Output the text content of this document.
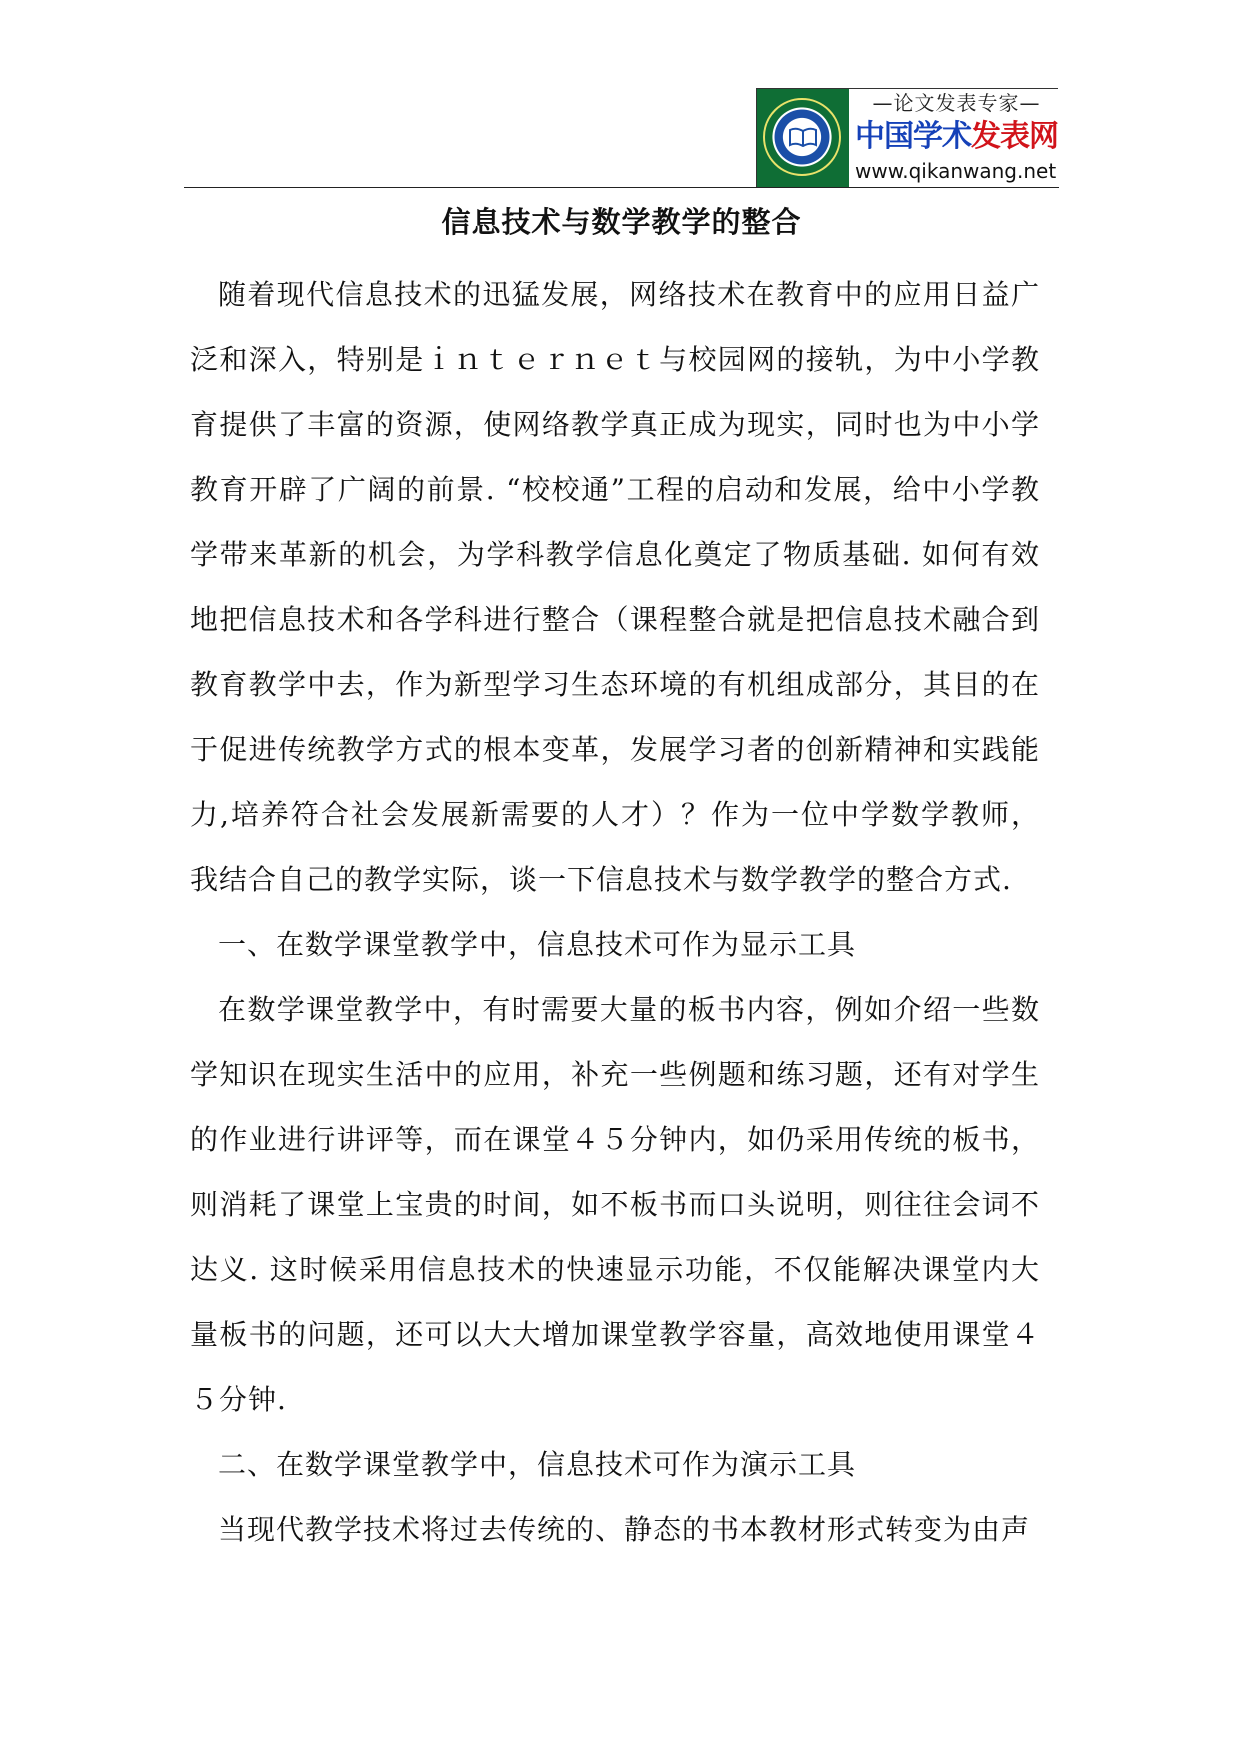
—论文发表专家—
中国学术发表网
www.qikanwang.net
信息技术与数学教学的整合

随着现代信息技术的迅猛发展，网络技术在教育中的应用日益广泛和深入，特别是ｉｎｔｅｒｎｅｔ与校园网的接轨，为中小学教育提供了丰富的资源，使网络教学真正成为现实，同时也为中小学教育开辟了广阔的前景. “校校通”工程的启动和发展，给中小学教学带来革新的机会，为学科教学信息化奠定了物质基础. 如何有效地把信息技术和各学科进行整合（课程整合就是把信息技术融合到教育教学中去，作为新型学习生态环境的有机组成部分，其目的在于促进传统教学方式的根本变革，发展学习者的创新精神和实践能力,培养符合社会发展新需要的人才）？作为一位中学数学教师，我结合自己的教学实际，谈一下信息技术与数学教学的整合方式.

一、在数学课堂教学中，信息技术可作为显示工具

在数学课堂教学中，有时需要大量的板书内容，例如介绍一些数学知识在现实生活中的应用，补充一些例题和练习题，还有对学生的作业进行讲评等，而在课堂４５分钟内，如仍采用传统的板书，则消耗了课堂上宝贵的时间，如不板书而口头说明，则往往会词不达义. 这时候采用信息技术的快速显示功能，不仅能解决课堂内大量板书的问题，还可以大大增加课堂教学容量，高效地使用课堂４５分钟.

二、在数学课堂教学中，信息技术可作为演示工具

当现代教学技术将过去传统的、静态的书本教材形式转变为由声
